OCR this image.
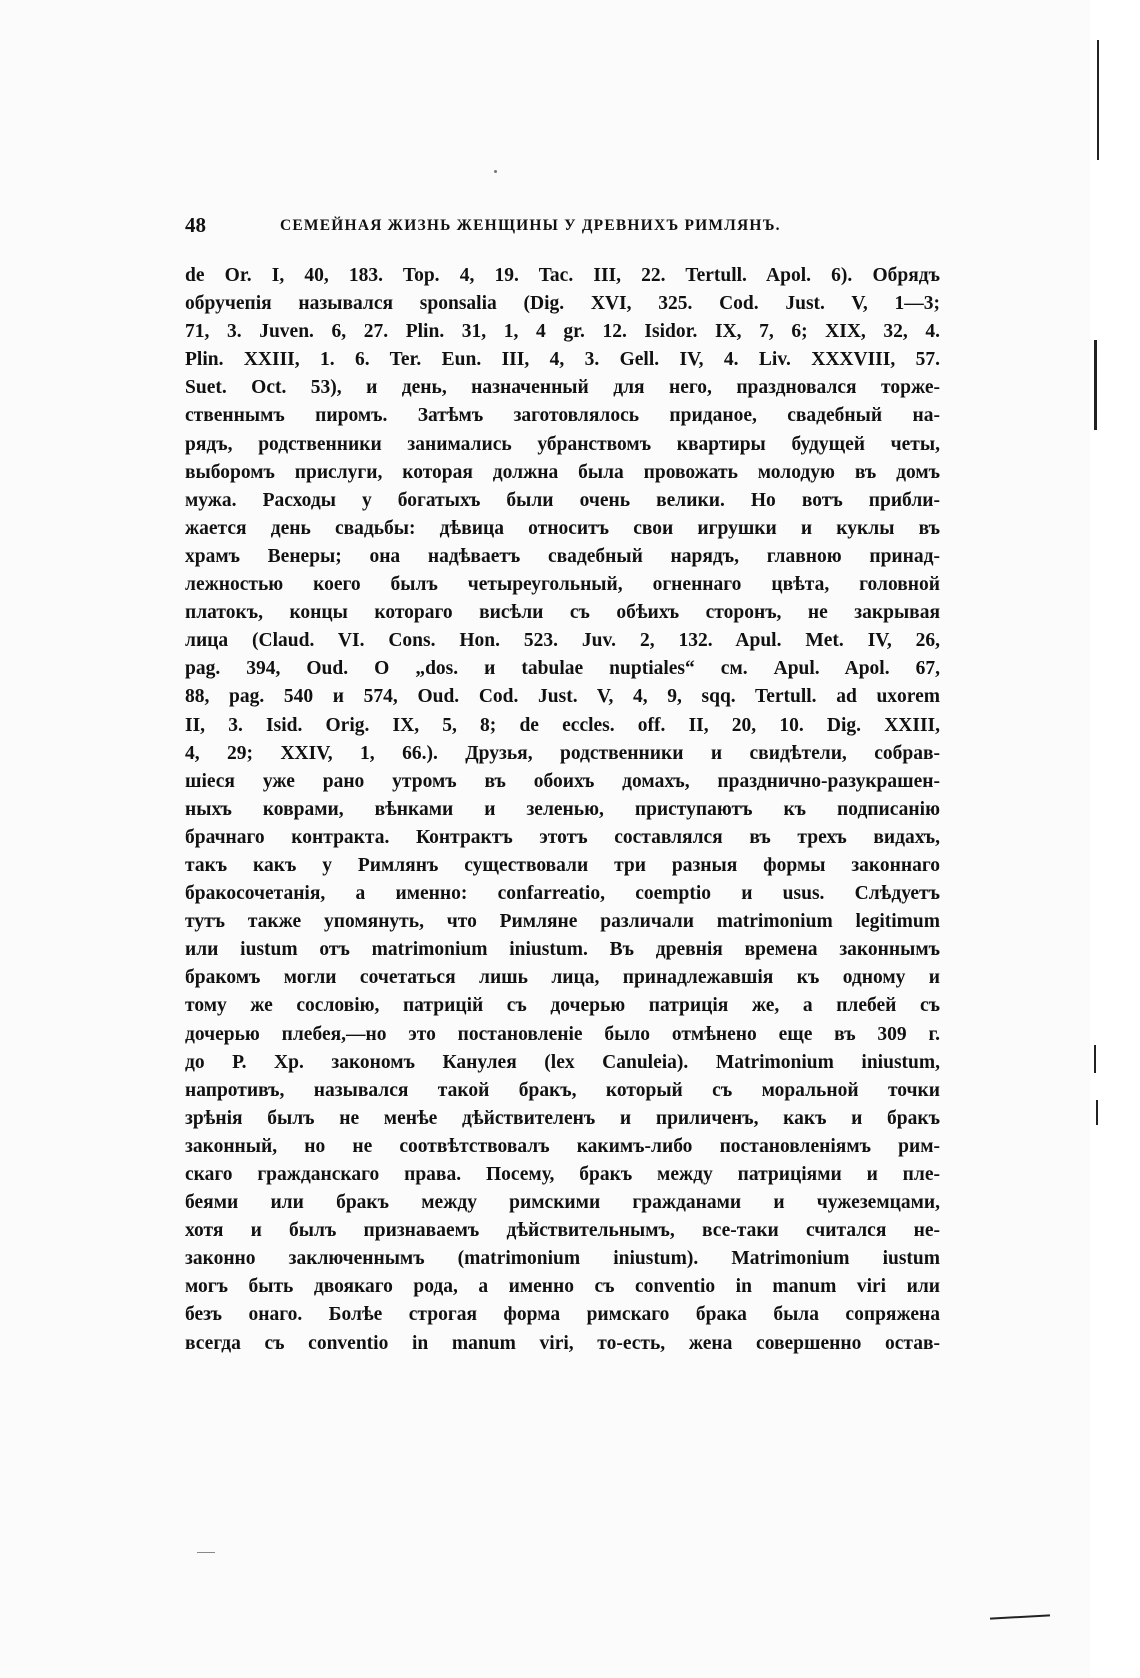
48	СЕМЕЙНАЯ ЖИЗНЬ ЖЕНЩИНЫ У ДРЕВНИХЪ РИМЛЯНЪ.
de Or. I, 40, 183. Top. 4, 19. Tac. III, 22. Tertull. Apol. 6). Обрядъ
обручепія назывался sponsalia (Dig. XVI, 325. Cod. Just. V, 1—3;
71, 3. Juven. 6, 27. Plin. 31, 1, 4 gr. 12. Isidor. IX, 7, 6; XIX, 32, 4.
Plin. XXIII, 1. 6. Ter. Eun. III, 4, 3. Gell. IV, 4. Liv. XXXVIII, 57.
Suet. Oct. 53), и день, назначенный для него, праздновался торже-
ственнымъ пиромъ. Затѣмъ заготовлялось приданое, свадебный на-
рядъ, родственники занимались убранствомъ квартиры будущей четы,
выборомъ прислуги, которая должна была провожать молодую въ домъ
мужа. Расходы у богатыхъ были очень велики. Но вотъ прибли-
жается день свадьбы: дѣвица относитъ свои игрушки и куклы въ
храмъ Венеры; она надѣваетъ свадебный нарядъ, главною принад-
лежностью коего былъ четыреугольный, огненнаго цвѣта, головной
платокъ, концы котораго висѣли съ обѣихъ сторонъ, не закрывая
лица (Claud. VI. Cons. Hon. 523. Juv. 2, 132. Apul. Met. IV, 26,
pag. 394, Oud. O „dos. и tabulae nuptiales“ см. Apul. Apol. 67,
88, pag. 540 и 574, Oud. Cod. Just. V, 4, 9, sqq. Tertull. ad uxorem
II, 3. Isid. Orig. IX, 5, 8; de eccles. off. II, 20, 10. Dig. XXIII,
4, 29; XXIV, 1, 66.). Друзья, родственники и свидѣтели, собрав-
шіеся уже рано утромъ въ обоихъ домахъ, празднично-разукрашен-
ныхъ коврами, вѣнками и зеленью, приступаютъ къ подписанію
брачнаго контракта. Контрактъ этотъ составлялся въ трехъ видахъ,
такъ какъ у Римлянъ существовали три разныя формы законнаго
бракосочетанія, а именно: confarreatio, coemptio и usus. Слѣдуетъ
тутъ также упомянуть, что Римляне различали matrimonium legitimum
или iustum отъ matrimonium iniustum. Въ древнія времена законнымъ
бракомъ могли сочетаться лишь лица, принадлежавшія къ одному и
тому же сословію, патрицій съ дочерью патриція же, а плебей съ
дочерью плебея,—но это постановленіе было отмѣнено еще въ 309 г.
до Р. Хр. закономъ Канулея (lex Canuleia). Matrimonium iniustum,
напротивъ, назывался такой бракъ, который съ моральной точки
зрѣнія былъ не менѣе дѣйствителенъ и приличенъ, какъ и бракъ
законный, но не соотвѣтствовалъ какимъ-либо постановленіямъ рим-
скаго гражданскаго права. Посему, бракъ между патриціями и пле-
беями или бракъ между римскими гражданами и чужеземцами,
хотя и былъ признаваемъ дѣйствительнымъ, все-таки считался не-
законно заключеннымъ (matrimonium iniustum). Matrimonium iustum
могъ быть двоякаго рода, а именно съ conventio in manum viri или
безъ онаго. Болѣе строгая форма римскаго брака была сопряжена
всегда съ conventio in manum viri, то-есть, жена совершенно остав-
